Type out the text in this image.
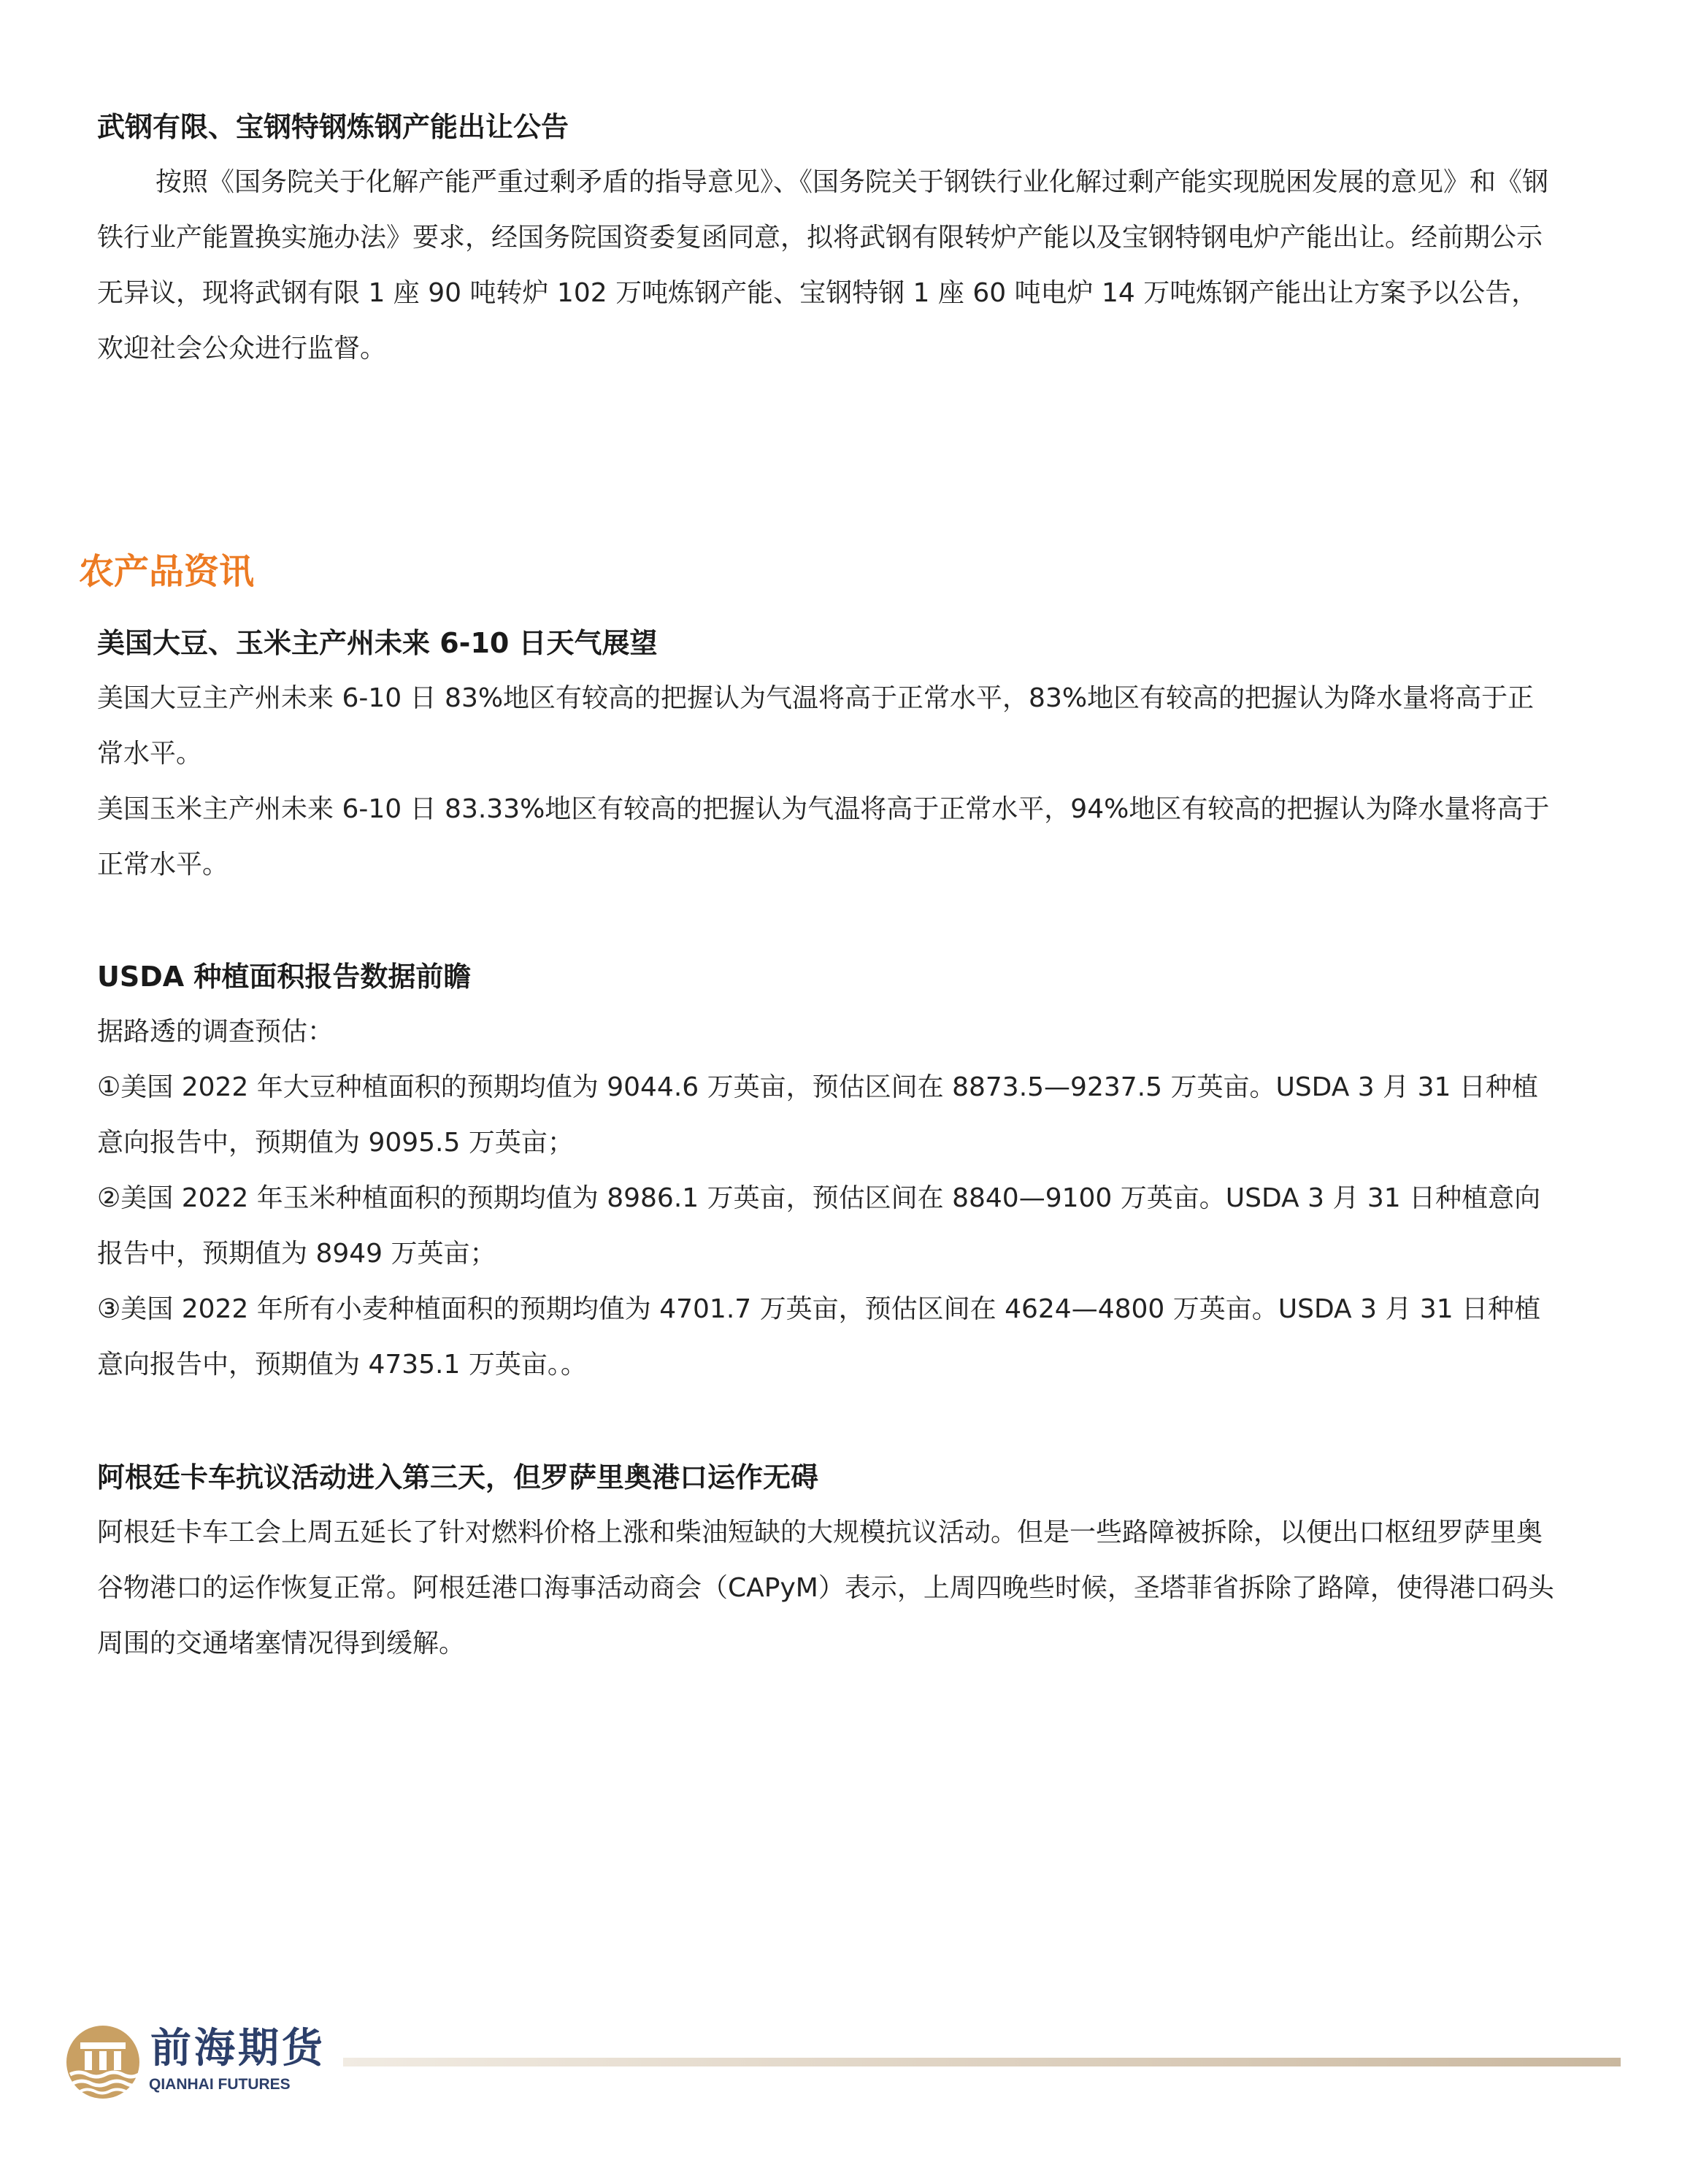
武钢有限、宝钢特钢炼钢产能出让公告

按照《国务院关于化解产能严重过剩矛盾的指导意见》、《国务院关于钢铁行业化解过剩产能实现脱困发展的意见》和《钢铁行业产能置换实施办法》要求，经国务院国资委复函同意，拟将武钢有限转炉产能以及宝钢特钢电炉产能出让。经前期公示无异议，现将武钢有限 1 座 90 吨转炉 102 万吨炼钢产能、宝钢特钢 1 座 60 吨电炉 14 万吨炼钢产能出让方案予以公告，欢迎社会公众进行监督。

农产品资讯
美国大豆、玉米主产州未来 6-10 日天气展望

美国大豆主产州未来 6-10 日 83%地区有较高的把握认为气温将高于正常水平，83%地区有较高的把握认为降水量将高于正常水平。

美国玉米主产州未来 6-10 日 83.33%地区有较高的把握认为气温将高于正常水平，94%地区有较高的把握认为降水量将高于正常水平。

USDA 种植面积报告数据前瞻

据路透的调查预估：

①美国 2022 年大豆种植面积的预期均值为 9044.6 万英亩，预估区间在 8873.5—9237.5 万英亩。USDA 3 月 31 日种植意向报告中，预期值为 9095.5 万英亩；

②美国 2022 年玉米种植面积的预期均值为 8986.1 万英亩，预估区间在 8840—9100 万英亩。USDA 3 月 31 日种植意向报告中，预期值为 8949 万英亩；

③美国 2022 年所有小麦种植面积的预期均值为 4701.7 万英亩，预估区间在 4624—4800 万英亩。USDA 3 月 31 日种植意向报告中，预期值为 4735.1 万英亩。。

阿根廷卡车抗议活动进入第三天，但罗萨里奥港口运作无碍

阿根廷卡车工会上周五延长了针对燃料价格上涨和柴油短缺的大规模抗议活动。但是一些路障被拆除，以便出口枢纽罗萨里奥谷物港口的运作恢复正常。阿根廷港口海事活动商会（CAPyM）表示，上周四晚些时候，圣塔菲省拆除了路障，使得港口码头周围的交通堵塞情况得到缓解。

前海期货
QIANHAI FUTURES
